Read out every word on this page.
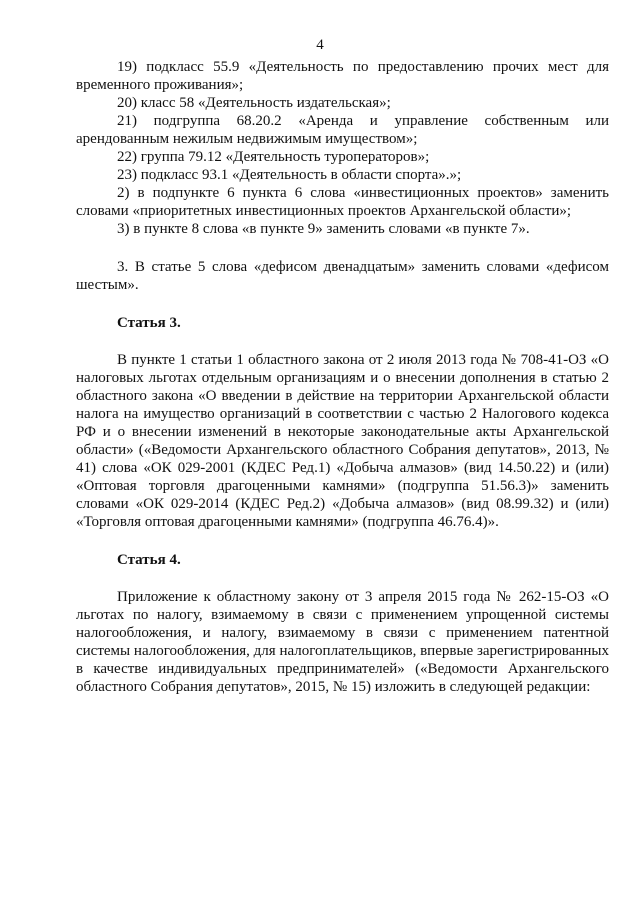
4

19) подкласс 55.9 «Деятельность по предоставлению прочих мест для временного проживания»;

20) класс 58 «Деятельность издательская»;

21) подгруппа 68.20.2 «Аренда и управление собственным или арендованным нежилым недвижимым имуществом»;

22) группа 79.12 «Деятельность туроператоров»;

23) подкласс 93.1 «Деятельность в области спорта».»;

2) в подпункте 6 пункта 6 слова «инвестиционных проектов» заменить словами «приоритетных инвестиционных проектов Архангельской области»;

3) в пункте 8 слова «в пункте 9» заменить словами «в пункте 7».

3. В статье 5 слова «дефисом двенадцатым» заменить словами «дефисом шестым».

Статья 3.

В пункте 1 статьи 1 областного закона от 2 июля 2013 года № 708-41-ОЗ «О налоговых льготах отдельным организациям и о внесении дополнения в статью 2 областного закона «О введении в действие на территории Архангельской области налога на имущество организаций в соответствии с частью 2 Налогового кодекса РФ и о внесении изменений в некоторые законодательные акты Архангельской области» («Ведомости Архангельского областного Собрания депутатов», 2013, № 41) слова «ОК 029-2001 (КДЕС Ред.1) «Добыча алмазов» (вид 14.50.22) и (или) «Оптовая торговля драгоценными камнями» (подгруппа 51.56.3)» заменить словами «ОК 029-2014 (КДЕС Ред.2) «Добыча алмазов» (вид 08.99.32) и (или) «Торговля оптовая драгоценными камнями» (подгруппа 46.76.4)».

Статья 4.

Приложение к областному закону от 3 апреля 2015 года № 262-15-ОЗ «О льготах по налогу, взимаемому в связи с применением упрощенной системы налогообложения, и налогу, взимаемому в связи с применением патентной системы налогообложения, для налогоплательщиков, впервые зарегистрированных в качестве индивидуальных предпринимателей» («Ведомости Архангельского областного Собрания депутатов», 2015, № 15) изложить в следующей редакции:
